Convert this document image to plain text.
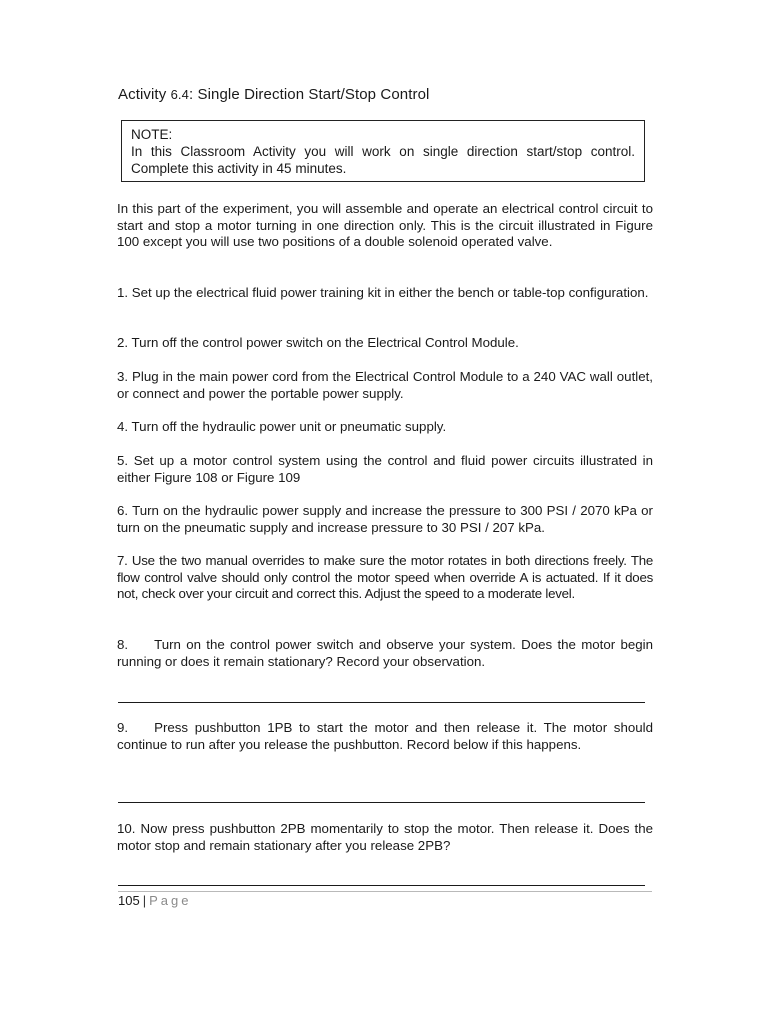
Activity 6.4: Single Direction Start/Stop Control
NOTE:
In this Classroom Activity you will work on single direction start/stop control. Complete this activity in 45 minutes.
In this part of the experiment, you will assemble and operate an electrical control circuit to start and stop a motor turning in one direction only. This is the circuit illustrated in Figure 100 except you will use two positions of a double solenoid operated valve.
1. Set up the electrical fluid power training kit in either the bench or table-top configuration.
2. Turn off the control power switch on the Electrical Control Module.
3. Plug in the main power cord from the Electrical Control Module to a 240 VAC wall outlet, or connect and power the portable power supply.
4. Turn off the hydraulic power unit or pneumatic supply.
5. Set up a motor control system using the control and fluid power circuits illustrated in either Figure 108 or Figure 109
6. Turn on the hydraulic power supply and increase the pressure to 300 PSI / 2070 kPa or turn on the pneumatic supply and increase pressure to 30 PSI / 207 kPa.
7. Use the two manual overrides to make sure the motor rotates in both directions freely. The flow control valve should only control the motor speed when override A is actuated. If it does not, check over your circuit and correct this. Adjust the speed to a moderate level.
8. Turn on the control power switch and observe your system. Does the motor begin running or does it remain stationary? Record your observation.
9. Press pushbutton 1PB to start the motor and then release it. The motor should continue to run after you release the pushbutton. Record below if this happens.
10. Now press pushbutton 2PB momentarily to stop the motor. Then release it. Does the motor stop and remain stationary after you release 2PB?
105 | Page
